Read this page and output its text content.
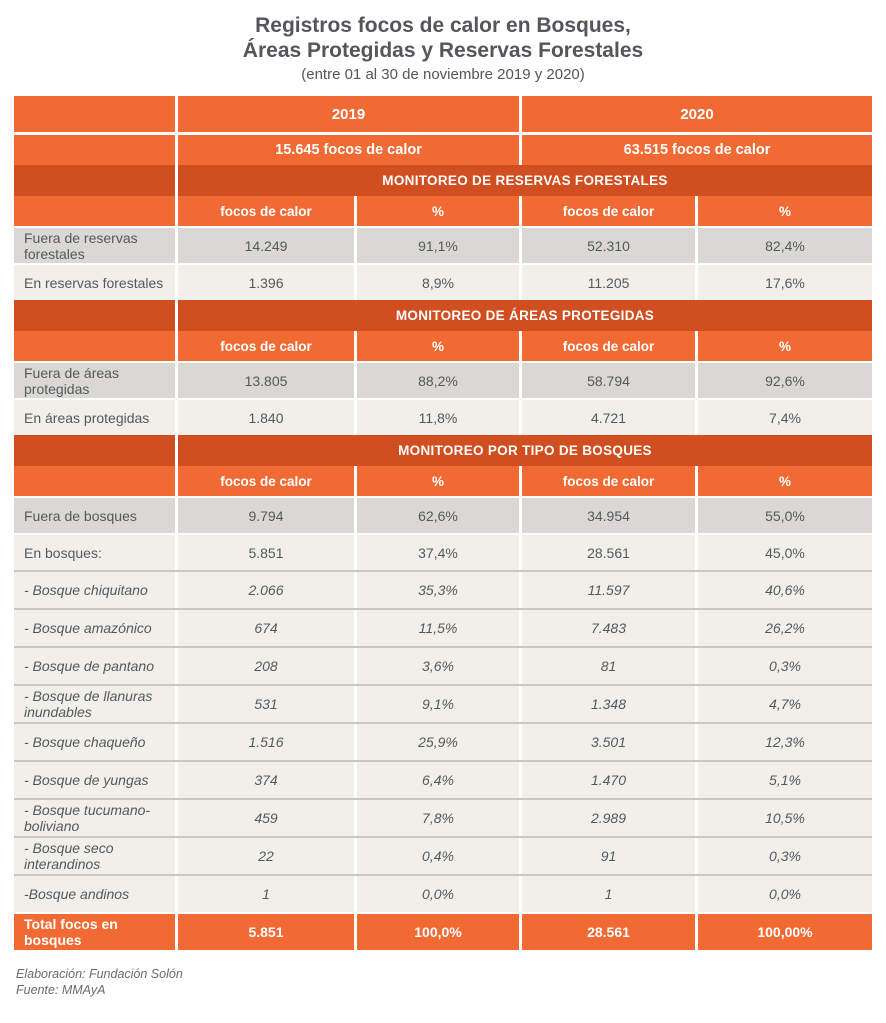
Registros focos de calor en Bosques,
Áreas Protegidas y Reservas Forestales
(entre 01 al 30 de noviembre 2019 y 2020)
2019	2020
15.645 focos de calor	63.515 focos de calor
MONITOREO DE RESERVAS FORESTALES
focos de calor	%	focos de calor	%
Fuera de reservas forestales	14.249	91,1%	52.310	82,4%
En reservas forestales	1.396	8,9%	11.205	17,6%
MONITOREO DE ÁREAS PROTEGIDAS
focos de calor	%	focos de calor	%
Fuera de áreas protegidas	13.805	88,2%	58.794	92,6%
En áreas protegidas	1.840	11,8%	4.721	7,4%
MONITOREO POR TIPO DE BOSQUES
focos de calor	%	focos de calor	%
Fuera de bosques	9.794	62,6%	34.954	55,0%
En bosques:	5.851	37,4%	28.561	45,0%
- Bosque chiquitano	2.066	35,3%	11.597	40,6%
- Bosque amazónico	674	11,5%	7.483	26,2%
- Bosque de pantano	208	3,6%	81	0,3%
- Bosque de llanuras inundables	531	9,1%	1.348	4,7%
- Bosque chaqueño	1.516	25,9%	3.501	12,3%
- Bosque de yungas	374	6,4%	1.470	5,1%
- Bosque tucumano-boliviano	459	7,8%	2.989	10,5%
- Bosque seco interandinos	22	0,4%	91	0,3%
-Bosque andinos	1	0,0%	1	0,0%
Total focos en bosques	5.851	100,0%	28.561	100,00%
Elaboración: Fundación Solón
Fuente: MMAyA
